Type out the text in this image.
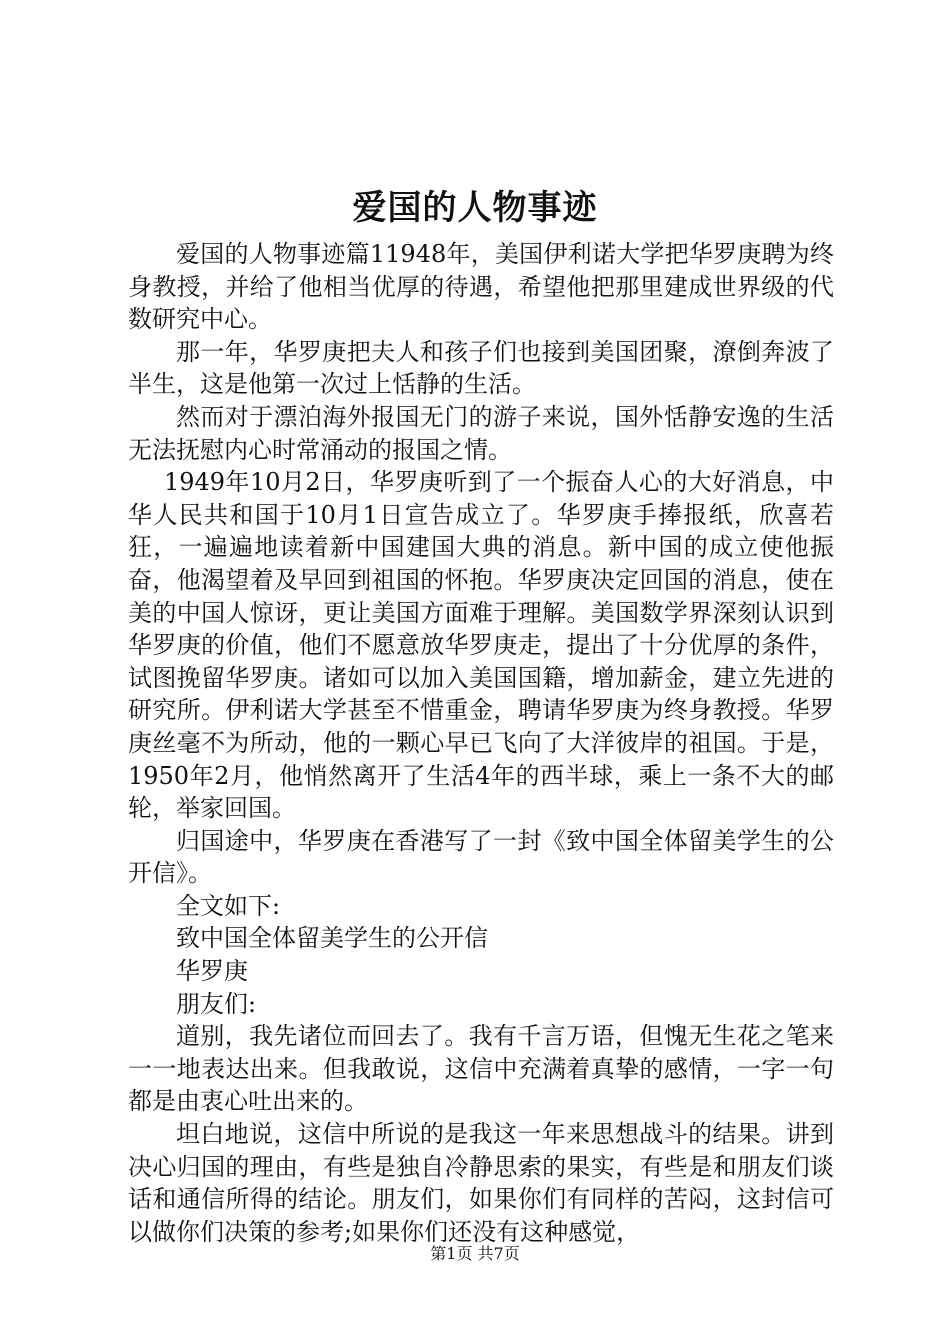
爱国的人物事迹

爱国的人物事迹篇11948年，美国伊利诺大学把华罗庚聘为终身教授，并给了他相当优厚的待遇，希望他把那里建成世界级的代数研究中心。

那一年，华罗庚把夫人和孩子们也接到美国团聚，潦倒奔波了半生，这是他第一次过上恬静的生活。

然而对于漂泊海外报国无门的游子来说，国外恬静安逸的生活无法抚慰内心时常涌动的报国之情。

1949年10月2日，华罗庚听到了一个振奋人心的大好消息，中华人民共和国于10月1日宣告成立了。华罗庚手捧报纸，欣喜若狂，一遍遍地读着新中国建国大典的消息。新中国的成立使他振奋，他渴望着及早回到祖国的怀抱。华罗庚决定回国的消息，使在美的中国人惊讶，更让美国方面难于理解。美国数学界深刻认识到华罗庚的价值，他们不愿意放华罗庚走，提出了十分优厚的条件，试图挽留华罗庚。诸如可以加入美国国籍，增加薪金，建立先进的研究所。伊利诺大学甚至不惜重金，聘请华罗庚为终身教授。华罗庚丝毫不为所动，他的一颗心早已飞向了大洋彼岸的祖国。于是，1950年2月，他悄然离开了生活4年的西半球，乘上一条不大的邮轮，举家回国。

归国途中，华罗庚在香港写了一封《致中国全体留美学生的公开信》。

全文如下:

致中国全体留美学生的公开信

华罗庚

朋友们:

道别，我先诸位而回去了。我有千言万语，但愧无生花之笔来一一地表达出来。但我敢说，这信中充满着真挚的感情，一字一句都是由衷心吐出来的。

坦白地说，这信中所说的是我这一年来思想战斗的结果。讲到决心归国的理由，有些是独自冷静思索的果实，有些是和朋友们谈话和通信所得的结论。朋友们，如果你们有同样的苦闷，这封信可以做你们决策的参考;如果你们还没有这种感觉，

第1页 共7页
